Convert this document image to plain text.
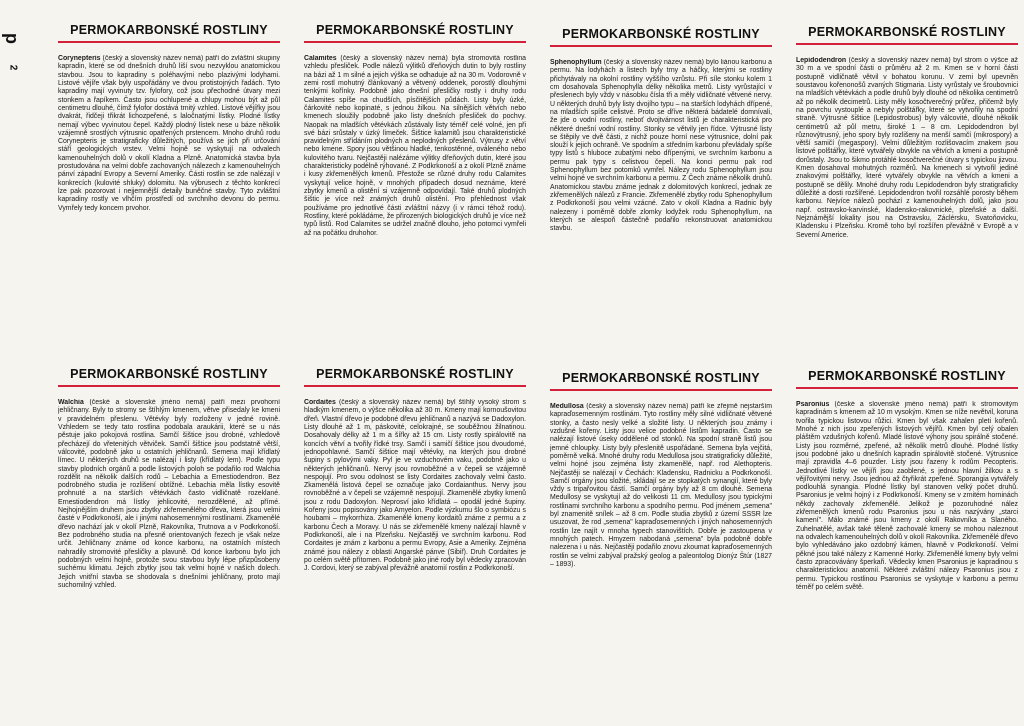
p
2
PERMOKARBONSKÉ ROSTLINY
Corynepteris (český a slovenský název nemá) patří do zvláštní skupiny kapradin, které se od dnešních druhů liší svou nezvyklou anatomickou stavbou. Jsou to kapradiny s poléhavými nebo plazivými lodyhami. Listové vějíře však byly uspořádány ve dvou protistojných řadách. Tyto kapradiny mají vyvinuty tzv. fylofory, což jsou přechodné útvary mezi stonkem a řapíkem. Často jsou ochlupené a chlupy mohou být až půl centimetru dlouhé, čímž fylofor dostává trnitý vzhled. Listové vějířky jsou dvakrát, řidčeji třikrát lichozpeřené, s laločnatými lístky. Plodné lístky nemají výbec vyvinutou čepel. Každý plodný lístek nese u báze několik vzájemně srostlých výtrusnic opatřených prstencem. Mnoho druhů rodu Corynepteris je stratigraficky důležitých, používá se jich při určování stáří geologických vrstev. Velmi hojně se vyskytují na odvalech kamenouhelných dolů v okolí Kladna a Plzně. Anatomická stavba byla prostudována na velmi dobře zachovaných nálezech z kamenouhelných pánví západní Evropy a Severní Ameriky. Části rostlin se zde nalézají v konkrecích (kulovité shluky) dolomitu. Na výbrusech z těchto konkrecí lze pak pozorovat i nejjemnější detaily buněčné stavby. Tyto zvláštní kapradiny rostly ve vlhčím prostředí od svrchního devonu do permu. Vymřely tedy koncem prvohor.
PERMOKARBONSKÉ ROSTLINY
Calamites (český a slovenský název nemá) byla stromovitá rostlina vzhledu přesliček. Podle nálezů výlitků dřeňových dutin to byly rostliny na bázi až 1 m silné a jejich výška se odhaduje až na 30 m. Vodorovně v zemi rostl mohutný článkovaný a větvený oddenek, porostlý dlouhými tenkými kořínky. Podobně jako dnešní přesličky rostly i druhy rodu Calamites spíše na chudších, písčitějších půdách. Listy byly úzké, čárkovité nebo kopinaté, s jednou žilkou. Na silnějších větvích nebo kmenech sloužily podobně jako listy dnešních přesliček do pochvy. Naopak na mladších větévkách zůstávaly listy téměř celé volné, jen při své bázi srůstaly v úzký límeček. Šištice kalamitů jsou charakteristické pravidelným střídáním plodných a neplodných přeslenů. Výtrusy z větví nebo kmene. Spory jsou většinou hladké, tenkostěnné, ováleného nebo kulovitého tvaru. Nejčastěji nalézáme výlitky dřeňových dutin, které jsou charakteristicky podélně rýhované. Z Podkrkonoší a z okolí Plzně známe i kusy zkřemenělých kmenů. Přestože se různé druhy rodu Calamites vyskytují velice hojně, v mnohých případech dosud neznáme, které zbytky kmenů a olistění si vzájemně odpovídají. Také druhů plodných šištic je více než známých druhů olistění. Pro přehlednost však používáme pro jednotlivé části zvláštní názvy (i v rámci téhož rodu). Rostliny, které pokládáme, že přirozených biologických druhů je více než typů listů. Rod Calamites se udržel značně dlouho, jeho potomci vymřeli až na počátku druhohor.
PERMOKARBONSKÉ ROSTLINY
Sphenophyllum (český a slovenský název nemá) bylo liánou karbonu a permu. Na lodyhách a listech byly trny a háčky, kterými se rostliny přichytávaly na okolní rostliny vyššího vzrůstu. Při síle stonku kolem 1 cm dosahovala Sphenophylla délky několika metrů. Listy vyrůstající v přeslenech byly vždy v násobku čísla tři a měly vidličnaté větvené nervy. U některých druhů byly listy dvojího typu – na starších lodyhách dřípené, na mladších spíše celistvé. Proto se dříve některá bádatelé domnívali, že jde o vodní rostliny, neboť dvojtvárnost listů je charakteristická pro některé dnešní vodní rostliny. Stonky se větvily jen řídce. Výtrusné listy se štěpily ve dvě části, z nichž pouze horní nese výtrusnice, dolní pak slouží k jejich ochraně. Ve spodním a středním karbonu převládaly spíše typy listů s hluboce zubatými nebo dřípenými, ve svrchním karbonu a permu pak typy s celistvou čepelí. Na konci permu pak rod Sphenophyllum bez potomků vymřel. Nálezy rodu Sphenophyllum jsou velmi hojné ve svrchním karbonu a permu. Z Čech známe několik druhů. Anatomickou stavbu známe jednak z dolomitových konkrecí, jednak ze zkřemenělých nálezů z Francie. Zkřemenělé zbytky rodu Sphenophyllum z Podkrkonoší jsou velmi vzácné. Zato v okolí Kladna a Radnic byly nalezeny i poměrně dobře zlomky lodyžek rodu Sphenophyllum, na kterých se alespoň částečně podařilo rekonstruovat anatomickou stavbu.
PERMOKARBONSKÉ ROSTLINY
Lepidodendron (český a slovenský název nemá) byl strom o výšce až 30 m a ve spodní části o průměru až 2 m. Kmen se v horní části postupně vidličnatě větvil v bohatou korunu. V zemi byl upevněn soustavou kořenonošů zvaných Stigmaria. Listy vyrůstaly ve šroubovnici na mladších větévkách a podle druhů byly dlouhé od několika centimetrů až po několik decimetrů. Listy měly kosočtverečný průřez, přičemž byly na povrchu vystouplé a nebyly polštářky, které se vytvořily na spodní straně. Výtrusné šištice (Lepidostrobus) byly válcovité, dlouhé několik centimetrů až půl metru, široké 1 – 8 cm. Lepidodendron byl různovýtrusný, jeho spory byly rozlišeny na menší samčí (mikrospory) a větší samičí (megaspory). Velmi důležitým rozlišovacím znakem jsou listové polštářky, které vytvářely obvykle na větvích a kmeni a postupně dorůstaly. Jsou to šikmo protáhlé kosočtverečné útvary s typickou jizvou. Kmen dosahoval mohutných rozměrů. Na kmenech si vytvořil jediné znakovými polštářky, které vytvářely obvykle na větvích a kmeni a postupně se dělily. Mnohé druhy rodu Lepidodendron byly stratigraficky důležité a dosti rozšířené. Lepidodendron tvořil rozsáhlé porosty během karbonu. Nejvíce nálezů pochází z kamenouhelných dolů, jako jsou např. ostravsko-karvinské, kladensko-rakovnické, plzeňské a další. Nejznámější lokality jsou na Ostravsku, Záclérsku, Svatoňovicku, Kladensku i Plzeňsku. Kromě toho byl rozšířen převážně v Evropě a v Severní Americe.
PERMOKARBONSKÉ ROSTLINY
Walchia (české a slovenské jméno nemá) patří mezi prvohorní jehličnany. Byly to stromy se štíhlým kmenem, větve přisedaly ke kmeni v pravidelném přeslenu. Větévky byly rozloženy v jedné rovině. Vzhledem se tedy tato rostlina podobala araukárii, které se u nás pěstuje jako pokojová rostlina. Samčí šištice jsou drobné, vzhledově přecházejí do vřetenitých větviček. Samčí šištice jsou podstatně větší, válcovité, podobně jako u ostatních jehličnanů. Semena mají křídlatý límec. U některých druhů se nalézají i listy (křídlatý lem). Podle typu stavby plodních orgánů a podle listových poloh se podařilo rod Walchia rozdělit na několik dalších rodů – Lebachia a Ernestiodendron. Bez podrobného studia je rozlišení obtížné. Lebachia měla lístky esovitě prohnuté a na starších větévkách často vidličnatě rozeklané. Ernestiodendron má lístky jehlicovité, nerozdělené, až přímé. Nejhojnějším druhem jsou zbytky zkřemenělého dřeva, která jsou velmi časté v Podkrkonoší, ale i jinými nahosemennými rostlinami. Zkamenělé dřevo nachází jak v okolí Plzně, Rakovníka, Trutnova a v Podkrkonoší. Bez podrobného studia na přesně orientovaných řezech je však nelze určit. Jehličnany známe od konce karbonu, na ostatních místech nahradily stromovité přesličky a plavuně. Od konce karbonu bylo jich podobných velmi hojně, protože svou stavbou byly lépe přizpůsobeny suchému klimatu. Jejich zbytky jsou tak velmi hojné v naších dolech. Jejich vnitřní stavba se shodovala s dnešními jehličnany, proto mají suchomilný vzhled.
PERMOKARBONSKÉ ROSTLINY
Cordaites (český a slovenský název nemá) byl štíhlý vysoký strom s hladkým kmenem, o výšce několika až 30 m. Kmeny mají kornoušovitou dřeň. Vlastní dřevo je podobné dřevu jehličnanů a nazývá se Dadoxylon. Listy dlouhé až 1 m, páskovité, celokrajné, se souběžnou žilnatinou. Dosahovaly délky až 1 m a šířky až 15 cm. Listy rostly spirálovitě na koncích větví a tvořily řídké trsy. Samčí i samičí šištice jsou dvoudomé, jednopohlavné. Samčí šištice mají větévky, na kterých jsou drobné šupiny s pylovými vaky. Pyl je ve vzduchovém vaku, podobně jako u některých jehličnanů. Nervy jsou rovnoběžné a v čepeli se vzájemně nespojují. Pro svou odolnost se listy Cordaites zachovaly velmi často. Zkamenělá listová čepel se označuje jako Cordaianthus. Nervy jsou rovnoběžné a v čepeli se vzájemně nespojují. Zkamenělé zbytky kmenů jsou z rodu Dadoxylon. Neprosví jako křídlatá – opodál jedné šupiny. Kořeny jsou popisovány jako Amyelon. Podle výzkumu šlo o symbiózu s houbami – mykorrhiza. Zkamenělé kmeny kordaitů známe z permu a z karbonu Čech a Moravy. U nás se zkřemenělé kmeny nalézají hlavně v Podkrkonoší, ale i na Plzeňsku. Nejčastěji ve svrchním karbonu. Rod Cordaites je znám z karbonu a permu Evropy, Asie a Ameriky. Zejména známé jsou nálezy z oblasti Angarské pánve (Sibiř). Druh Cordaites je po celém světě přítomen. Podobně jako jiné rody byl vědecky zpracován J. Cordovi, který se zabýval převážně anatomií rostlin z Podkrkonoší.
PERMOKARBONSKÉ ROSTLINY
Medullosa (český a slovenský název nemá) patří ke zřejmě nejstarším kapraďosemenným rostlinám. Tyto rostliny měly silné vidličnaté větvené stonky, a často nesly velké a složité listy. U některých jsou známy i vzdušné kořeny. Listy jsou velice podobné listům kapradin. Často se nalézají listové úseky oddělené od stonků. Na spodní straně listů jsou jemné chloupky. Listy byly přeslenitě uspořádané. Semena byla vejčitá, poměrně velká. Mnohé druhy rodu Medullosa jsou stratigraficky důležité, velmi hojné jsou zejména listy zkamenělé, např. rod Alethopteris. Nejčastěji se nalézají v Čechách: Kladensku, Radnicku a Podkrkonoší. Samčí orgány jsou složité, skládají se ze stopkatých synangií, které byly vždy s tripařovitou částí. Samčí orgány byly až 8 cm dlouhé. Semena Medullosy se vyskytují až do velikosti 11 cm. Medullosy jsou typickými rostlinami svrchního karbonu a spodního permu. Pod jménem „semena" byl znamenitě snílek – až 8 cm. Podle studia zbytků z území SSSR lze usuzovat, že rod „semena" kapraďosemenných i jiných nahosemenných rostlin lze najít v mnoha typech stanovištích. Dobře je zastoupena v mnohých patech. Hmyzem nabodaná „semena" byla podobně dobře nalezena i u nás. Nejčastěji podařilo znovu zkoumat kapraďosemenných rostlin se velmi zabýval pražský geolog a paleontolog Dionýz Štúr (1827 – 1893).
PERMOKARBONSKÉ ROSTLINY
Psaronius (české a slovenské jméno nemá) patří k stromovitým kapradinám s kmenem až 10 m vysokým. Kmen se níže nevětvil, koruna tvořila typickou listovou růžici. Kmen byl však zahalen pleti kořenů. Mnohé z nich jsou zpeřených listových vějířů. Kmen byl celý obalen pláštěm vzdušných kořenů. Mladé listové výhony jsou spirálně stočené. Listy jsou rozměrné, zpeřené, až několik metrů dlouhé. Plodné lístky jsou podobné jako u dnešních kapradin spirálovitě stočené. Výtrusnice mají zpravidla 4–6 pouzder. Listy jsou řazeny k rodům Pecopteris. Jednotlivé lístky ve vějíři jsou zaoblené, s jednou hlavní žilkou a s vějířovitými nervy. Jsou jednou až čtyřikrát zpeřené. Sporangia vytvářely podlouhlá synangia. Plodné lístky byl stanoven velký počet druhů. Psaronius je velmi hojný i z Podkrkonoší. Kmeny se v zrnitém horninách někdy zachovaly zkřemenělé. Jelikož je pozoruhodné nález zkřemenělých kmenů rodu Psaronius jsou u nás nazývány „starci kamení". Málo známé jsou kmeny z okolí Rakovníka a Slaného. Zuhelnatělé, avšak také těleně zachovalé kmeny se mohou naleznout na odvalech kamenouhelných dolů v okolí Rakovníka. Zkřemenělé dřevo bylo vyhledáváno jako ozdobný kámen, hlavně v Podkrkonoší. Velmi pěkné jsou také nálezy z Kamenné Horky. Zkřemenělé kmeny byly velmi často zpracovávány šperkaři. Vědecky kmen Psaronius je kapradinou s charakteristickou anatomií. Některé zvláštní nálezy Psaronius jsou z permu. Typickou rostlinou Psaronius se vyskytuje v karbonu a permu téměř po celém světě.
